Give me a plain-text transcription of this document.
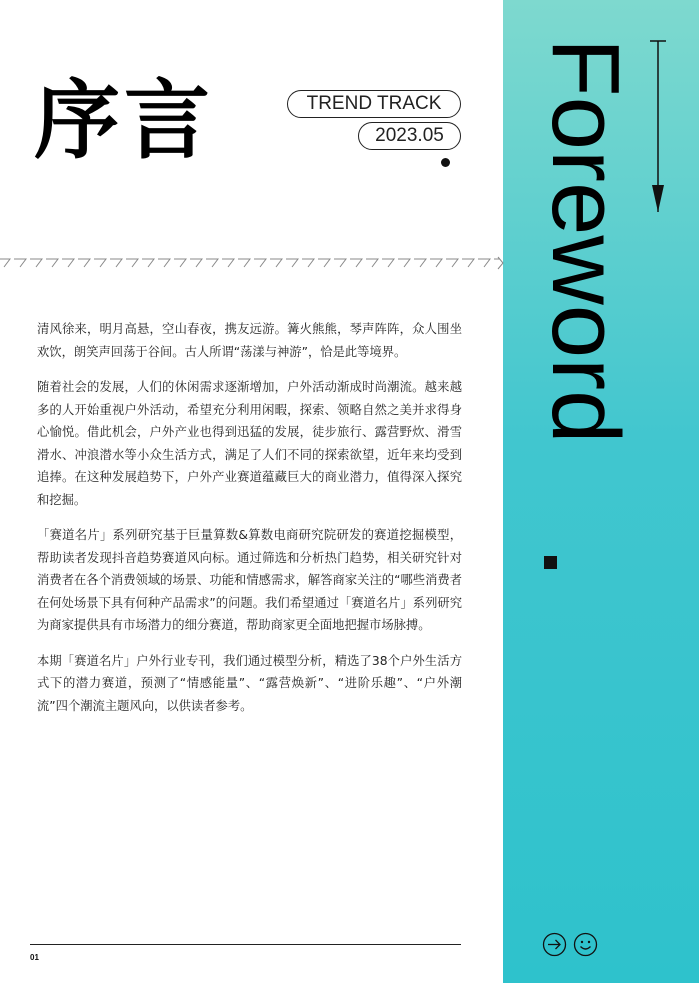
序言	TREND TRACK
2023.05

清风徐来，明月高悬，空山春夜，携友远游。篝火熊熊，琴声阵阵，众人围坐欢饮，朗笑声回荡于谷间。古人所谓“荡漾与神游”，恰是此等境界。

随着社会的发展，人们的休闲需求逐渐增加，户外活动渐成时尚潮流。越来越多的人开始重视户外活动，希望充分利用闲暇，探索、领略自然之美并求得身心愉悦。借此机会，户外产业也得到迅猛的发展，徒步旅行、露营野炊、滑雪滑水、冲浪潜水等小众生活方式，满足了人们不同的探索欲望，近年来均受到追捧。在这种发展趋势下，户外产业赛道蕴藏巨大的商业潜力，值得深入探究和挖掘。

「赛道名片」系列研究基于巨量算数&算数电商研究院研发的赛道挖掘模型，帮助读者发现抖音趋势赛道风向标。通过筛选和分析热门趋势，相关研究针对消费者在各个消费领域的场景、功能和情感需求，解答商家关注的“哪些消费者在何处场景下具有何种产品需求”的问题。我们希望通过「赛道名片」系列研究为商家提供具有市场潜力的细分赛道，帮助商家更全面地把握市场脉搏。

本期「赛道名片」户外行业专刊，我们通过模型分析，精选了38个户外生活方式下的潜力赛道，预测了“情感能量”、“露营焕新”、“进阶乐趣”、“户外潮流”四个潮流主题风向，以供读者参考。

Foreword
01
